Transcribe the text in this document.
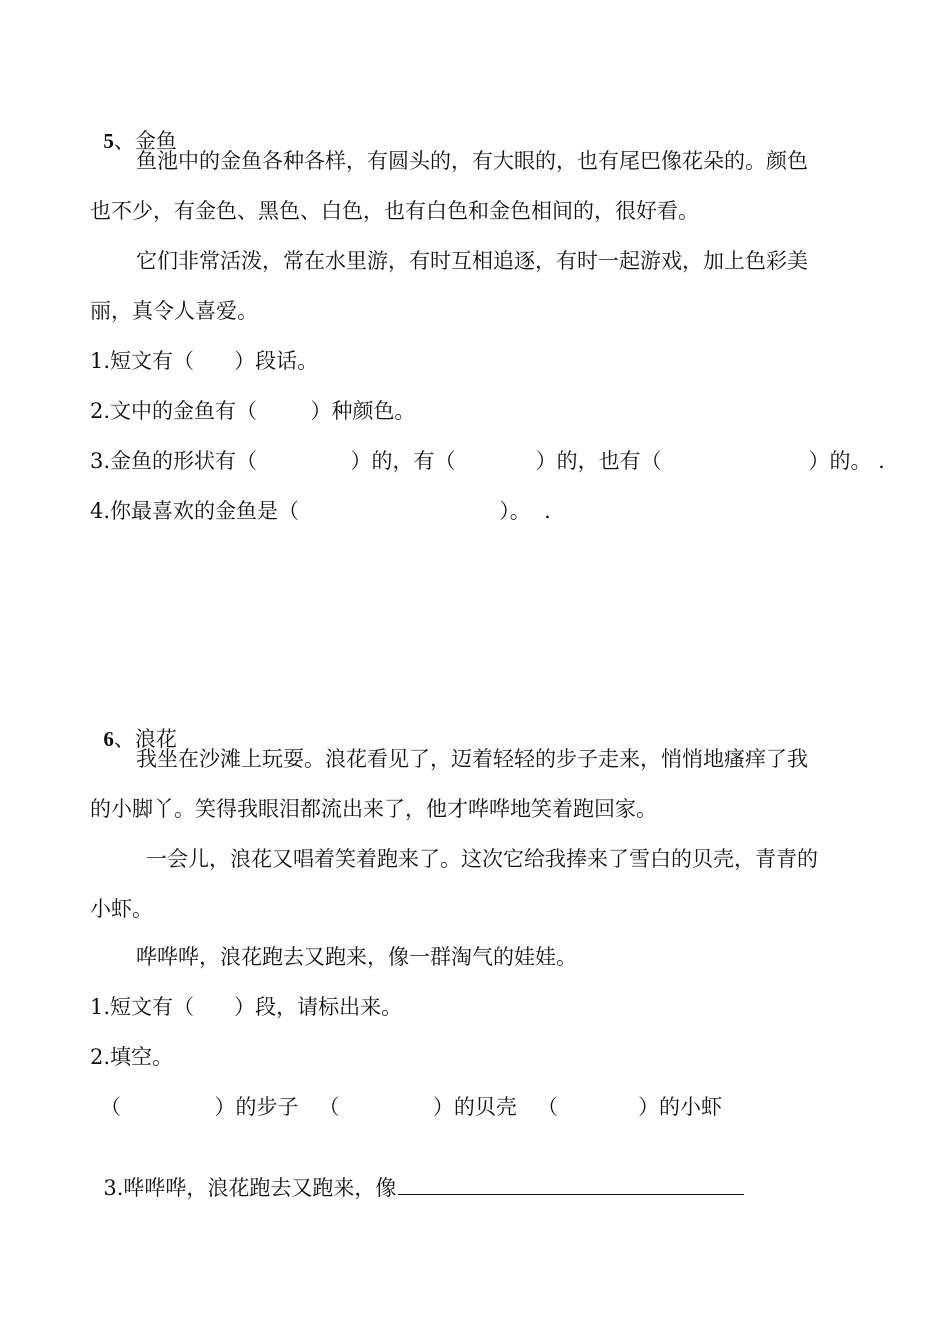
5、金鱼

鱼池中的金鱼各种各样，有圆头的，有大眼的，也有尾巴像花朵的。颜色
也不少，有金色、黑色、白色，也有白色和金色相间的，很好看。
它们非常活泼，常在水里游，有时互相追逐，有时一起游戏，加上色彩美
丽，真令人喜爱。
1.短文有（      ）段话。
2.文中的金鱼有（        ）种颜色。
3.金鱼的形状有（              ）的，有（            ）的，也有（                      ）的。 .
4.你最喜欢的金鱼是（                              ）。  .

6、浪花

我坐在沙滩上玩耍。浪花看见了，迈着轻轻的步子走来，悄悄地瘙痒了我
的小脚丫。笑得我眼泪都流出来了，他才哗哗地笑着跑回家。
一会儿，浪花又唱着笑着跑来了。这次它给我捧来了雪白的贝壳，青青的
小虾。
哗哗哗，浪花跑去又跑来，像一群淘气的娃娃。
1.短文有（      ）段，请标出来。
2.填空。
（              ）的步子   （              ）的贝壳   （            ）的小虾

3.哗哗哗，浪花跑去又跑来，像
